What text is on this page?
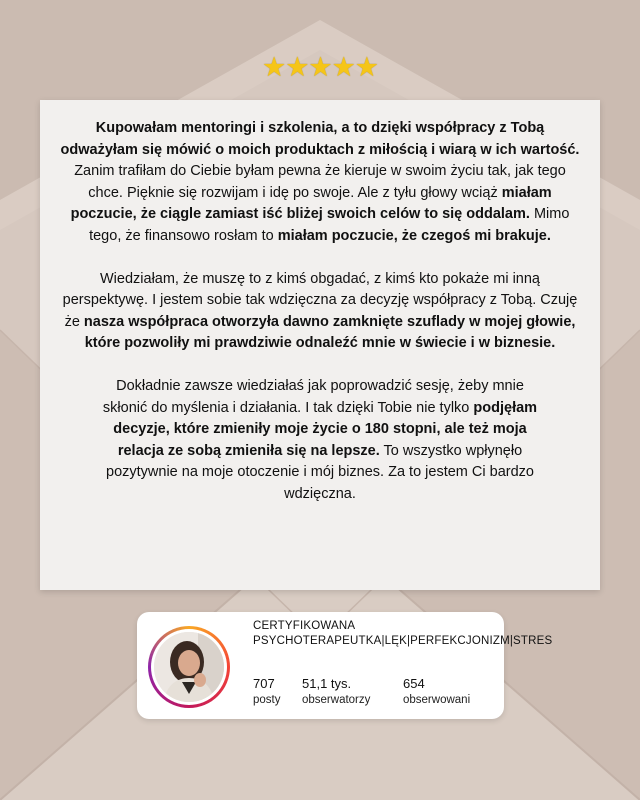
★★★★★

Kupowałam mentoringi i szkolenia, a to dzięki współpracy z Tobą odważyłam się mówić o moich produktach z miłością i wiarą w ich wartość. Zanim trafiłam do Ciebie byłam pewna że kieruje w swoim życiu tak, jak tego chce. Pięknie się rozwijam i idę po swoje. Ale z tyłu głowy wciąż miałam poczucie, że ciągle zamiast iść bliżej swoich celów to się oddalam. Mimo tego, że finansowo rosłam to miałam poczucie, że czegoś mi brakuje.

Wiedziałam, że muszę to z kimś obgadać, z kimś kto pokaże mi inną perspektywę. I jestem sobie tak wdzięczna za decyzję współpracy z Tobą. Czuję że nasza współpraca otworzyła dawno zamknięte szuflady w mojej głowie, które pozwoliły mi prawdziwie odnaleźć mnie w świecie i w biznesie.

Dokładnie zawsze wiedziałaś jak poprowadzić sesję, żeby mnie skłonić do myślenia i działania. I tak dzięki Tobie nie tylko podjęłam decyzje, które zmieniły moje życie o 180 stopni, ale też moja relacja ze sobą zmieniła się na lepsze. To wszystko wpłynęło pozytywnie na moje otoczenie i mój biznes. Za to jestem Ci bardzo wdzięczna.

CERTYFIKOWANA PSYCHOTERAPEUTKA|LĘK|PERFEKCJONIZM|STRES
707
posty
51,1 tys.
obserwatorzy
654
obserwowani
